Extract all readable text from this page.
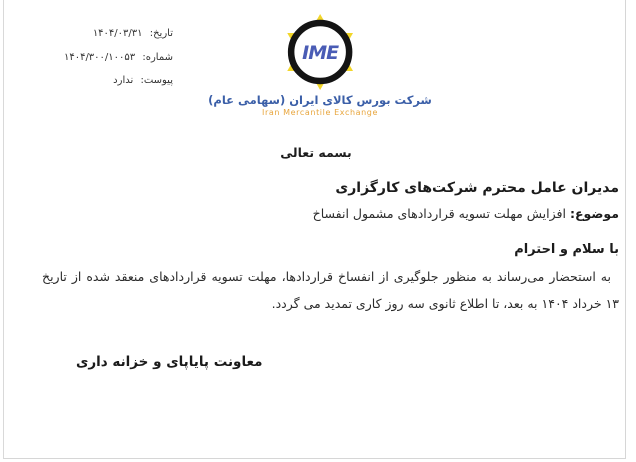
تاریخ: ۱۴۰۴/۰۳/۳۱
شماره: ۱۴۰۴/۳۰۰/۱۰۰۵۳
پیوست: ندارد
IME
شرکت بورس کالای ایران (سهامی عام)
Iran Mercantile Exchange
بسمه تعالی
مدیران عامل محترم شرکت‌های کارگزاری
موضوع: افزایش مهلت تسویه قراردادهای مشمول انفساخ
با سلام و احترام
به استحضار می‌رساند به منظور جلوگیری از انفساخ قراردادها، مهلت تسویه قراردادهای منعقد شده از تاریخ ۱۳ خرداد ۱۴۰۴ به بعد، تا اطلاع ثانوی سه روز کاری تمدید می گردد.
معاونت پایاپای و خزانه داری
